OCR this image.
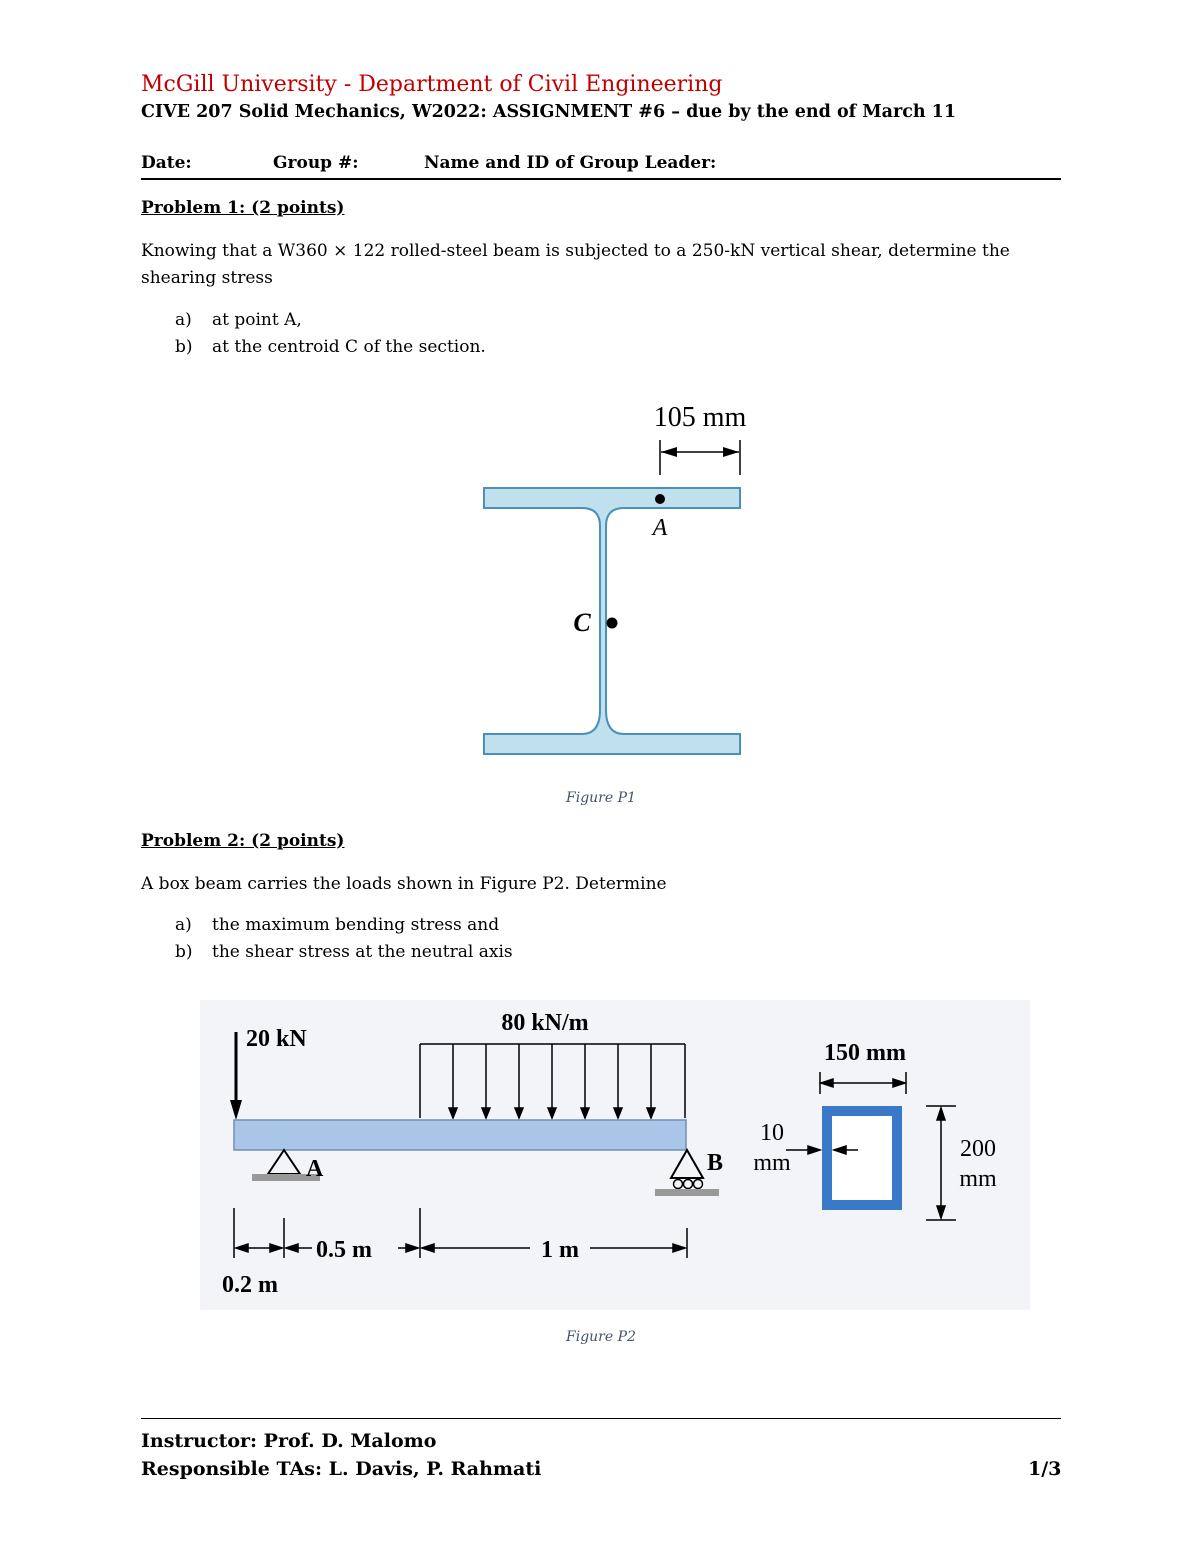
McGill University - Department of Civil Engineering
CIVE 207 Solid Mechanics, W2022: ASSIGNMENT #6 – due by the end of March 11
Date:	Group #:	Name and ID of Group Leader:
Problem 1: (2 points)
Knowing that a W360 × 122 rolled-steel beam is subjected to a 250-kN vertical shear, determine the shearing stress
a) at point A,
b) at the centroid C of the section.
105 mm
A
C
Figure P1
Problem 2: (2 points)
A box beam carries the loads shown in Figure P2. Determine
a) the maximum bending stress and
b) the shear stress at the neutral axis
20 kN
80 kN/m
A	B
0.5 m	1 m
0.2 m
150 mm
10
mm
200
mm
Figure P2
Instructor: Prof. D. Malomo
Responsible TAs: L. Davis, P. Rahmati	1/3
